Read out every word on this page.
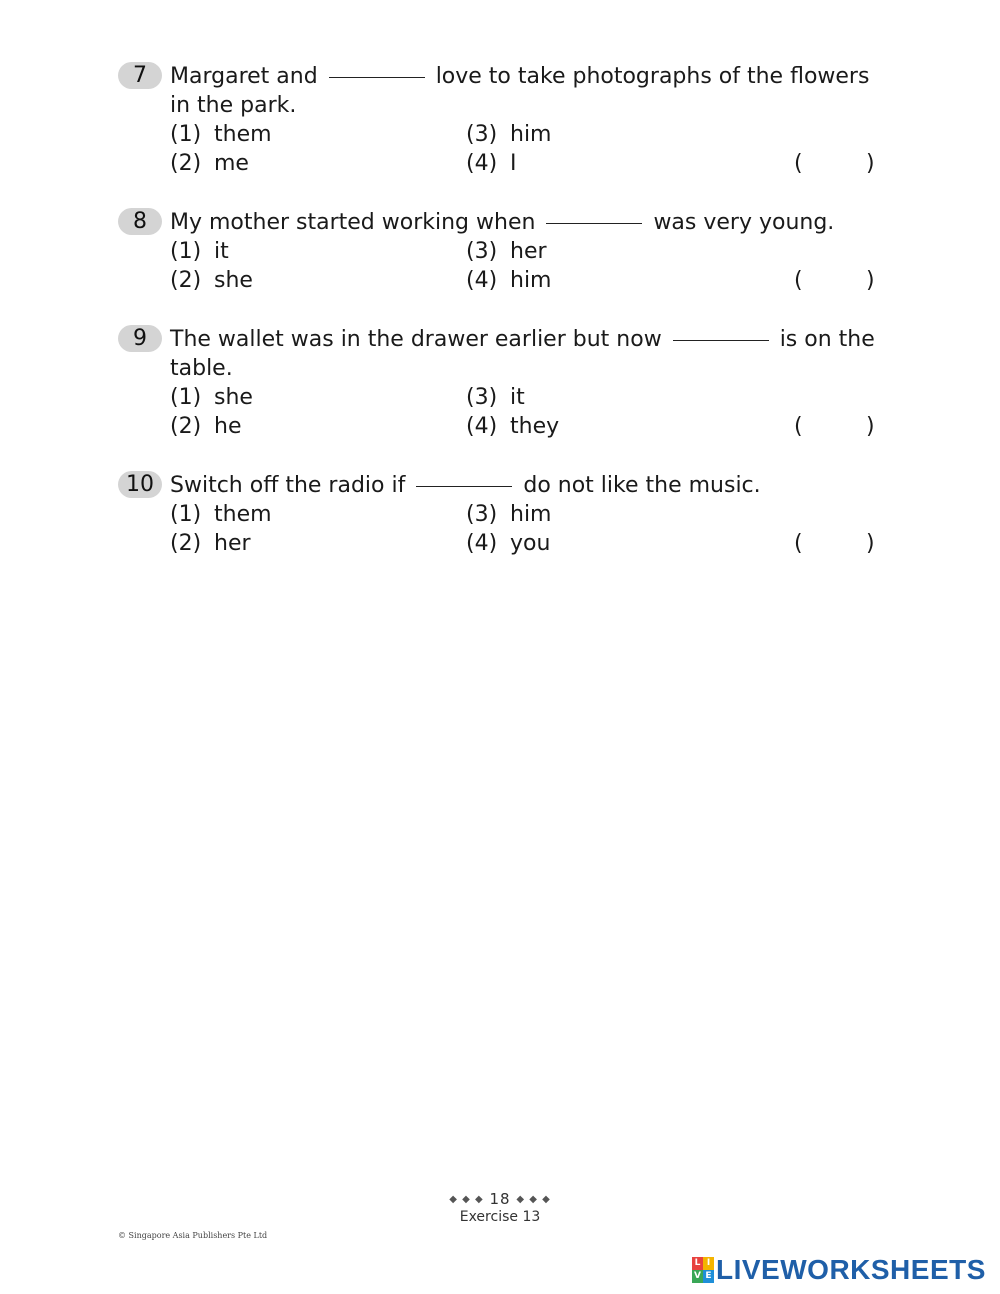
7	Margaret and	love to take photographs of the flowers
in the park.
(1) them	(3) him
(2) me	(4) I	(	)
8	My mother started working when	was very young.
(1) it	(3) her
(2) she	(4) him	(	)
9	The wallet was in the drawer earlier but now	is on the
table.
(1) she	(3) it
(2) he	(4) they	(	)
10 Switch off the radio if	do not like the music.
(1) them	(3) him
(2) her	(4) you	(	)
◆ ◆ ◆ 18 ◆ ◆ ◆
Exercise 13
© Singapore Asia Publishers Pte Ltd
L I
V E LIVEWORKSHEETS
